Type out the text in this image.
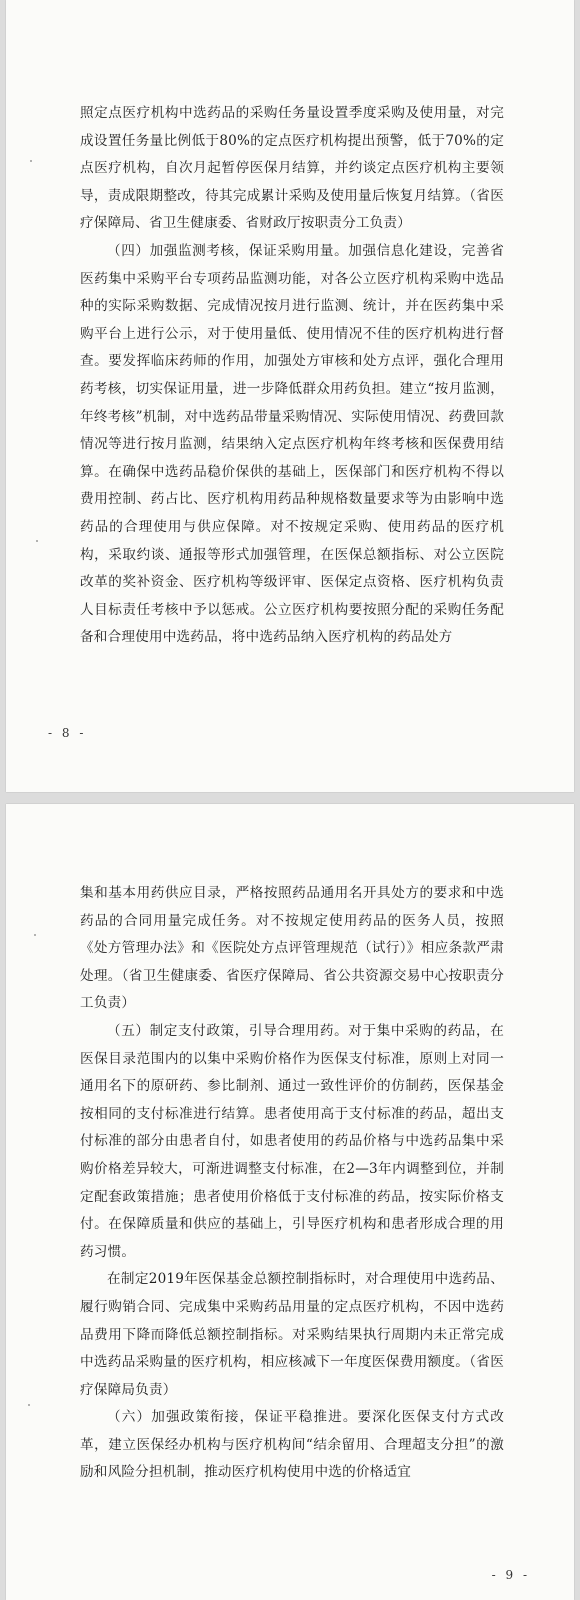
照定点医疗机构中选药品的采购任务量设置季度采购及使用量，对完成设置任务量比例低于80%的定点医疗机构提出预警，低于70%的定点医疗机构，自次月起暂停医保月结算，并约谈定点医疗机构主要领导，责成限期整改，待其完成累计采购及使用量后恢复月结算。（省医疗保障局、省卫生健康委、省财政厅按职责分工负责）

（四）加强监测考核，保证采购用量。加强信息化建设，完善省医药集中采购平台专项药品监测功能，对各公立医疗机构采购中选品种的实际采购数据、完成情况按月进行监测、统计，并在医药集中采购平台上进行公示，对于使用量低、使用情况不佳的医疗机构进行督查。要发挥临床药师的作用，加强处方审核和处方点评，强化合理用药考核，切实保证用量，进一步降低群众用药负担。建立“按月监测，年终考核”机制，对中选药品带量采购情况、实际使用情况、药费回款情况等进行按月监测，结果纳入定点医疗机构年终考核和医保费用结算。在确保中选药品稳价保供的基础上，医保部门和医疗机构不得以费用控制、药占比、医疗机构用药品种规格数量要求等为由影响中选药品的合理使用与供应保障。对不按规定采购、使用药品的医疗机构，采取约谈、通报等形式加强管理，在医保总额指标、对公立医院改革的奖补资金、医疗机构等级评审、医保定点资格、医疗机构负责人目标责任考核中予以惩戒。公立医疗机构要按照分配的采购任务配备和合理使用中选药品，将中选药品纳入医疗机构的药品处方

- 8 -

集和基本用药供应目录，严格按照药品通用名开具处方的要求和中选药品的合同用量完成任务。对不按规定使用药品的医务人员，按照《处方管理办法》和《医院处方点评管理规范（试行）》相应条款严肃处理。（省卫生健康委、省医疗保障局、省公共资源交易中心按职责分工负责）

（五）制定支付政策，引导合理用药。对于集中采购的药品，在医保目录范围内的以集中采购价格作为医保支付标准，原则上对同一通用名下的原研药、参比制剂、通过一致性评价的仿制药，医保基金按相同的支付标准进行结算。患者使用高于支付标准的药品，超出支付标准的部分由患者自付，如患者使用的药品价格与中选药品集中采购价格差异较大，可渐进调整支付标准，在2—3年内调整到位，并制定配套政策措施；患者使用价格低于支付标准的药品，按实际价格支付。在保障质量和供应的基础上，引导医疗机构和患者形成合理的用药习惯。

在制定2019年医保基金总额控制指标时，对合理使用中选药品、履行购销合同、完成集中采购药品用量的定点医疗机构，不因中选药品费用下降而降低总额控制指标。对采购结果执行周期内未正常完成中选药品采购量的医疗机构，相应核减下一年度医保费用额度。（省医疗保障局负责）

（六）加强政策衔接，保证平稳推进。要深化医保支付方式改革，建立医保经办机构与医疗机构间“结余留用、合理超支分担”的激励和风险分担机制，推动医疗机构使用中选的价格适宜

- 9 -
